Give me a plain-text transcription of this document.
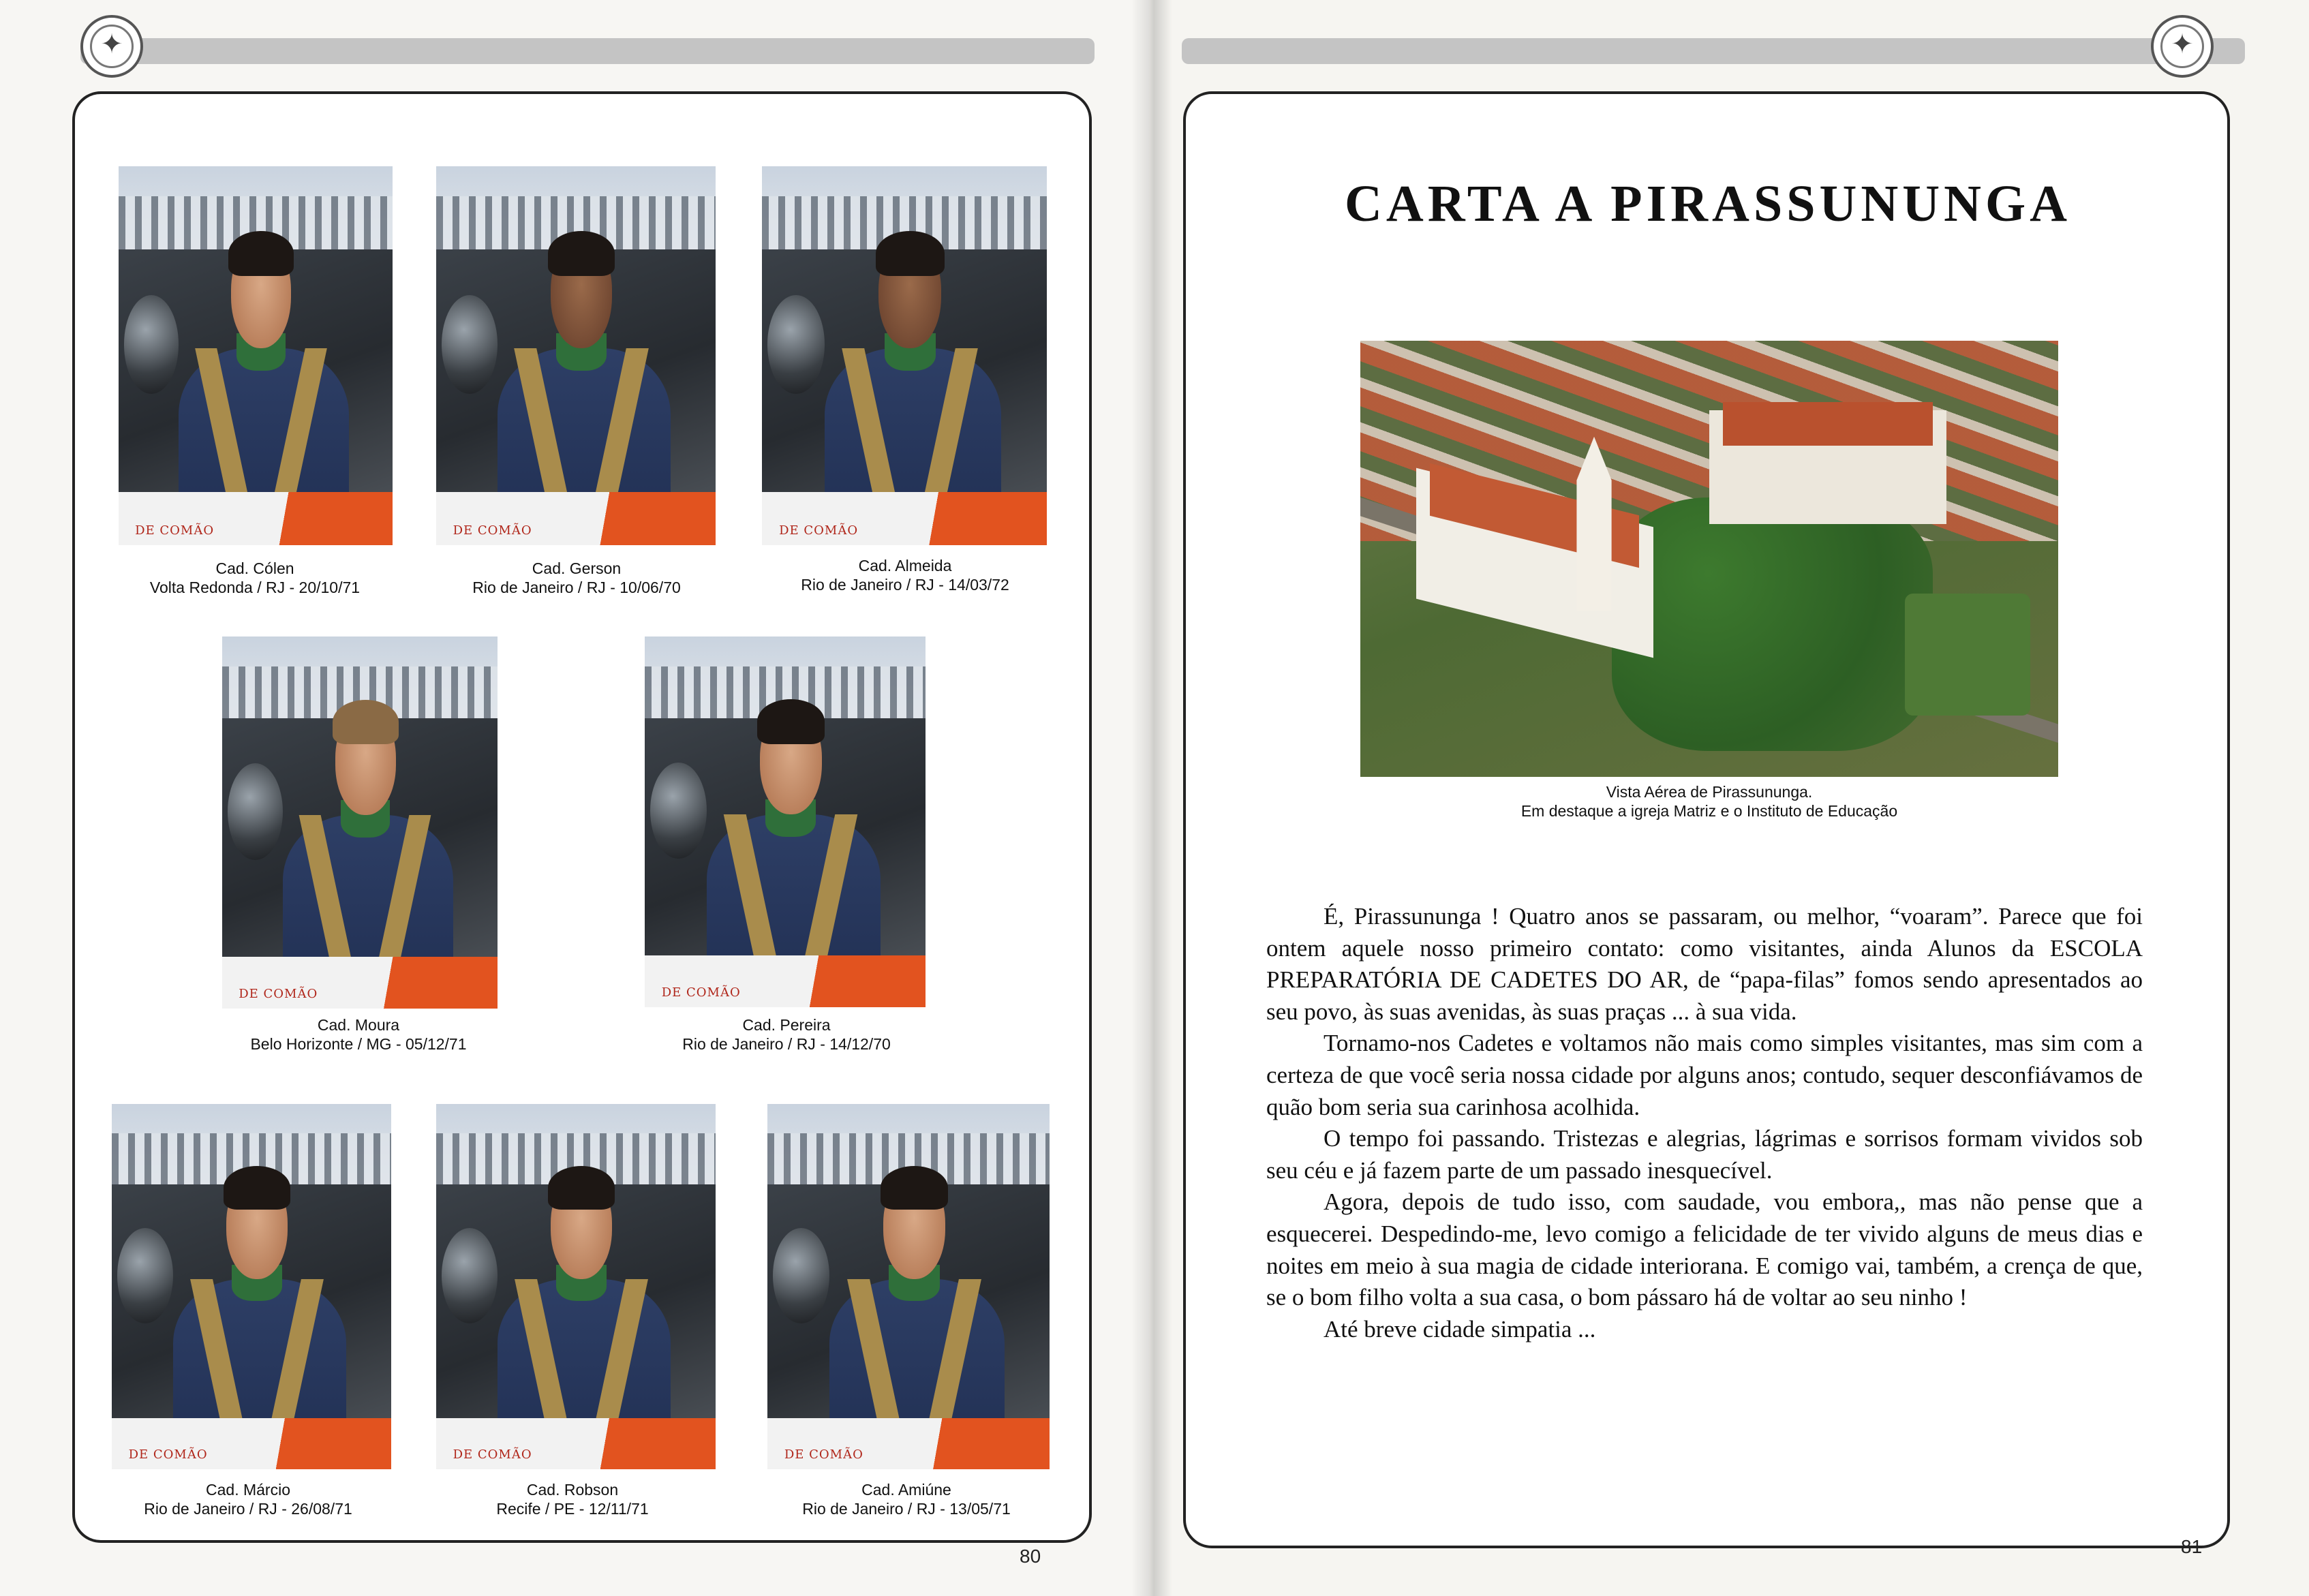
✦
DE COMÃO
Cad. Cólen
Volta Redonda / RJ - 20/10/71
DE COMÃO
Cad. Gerson
Rio de Janeiro / RJ - 10/06/70
DE COMÃO
Cad. Almeida
Rio de Janeiro / RJ - 14/03/72
DE COMÃO
Cad. Moura
Belo Horizonte / MG - 05/12/71
DE COMÃO
Cad. Pereira
Rio de Janeiro / RJ - 14/12/70
DE COMÃO
Cad. Márcio
Rio de Janeiro / RJ - 26/08/71
DE COMÃO
Cad. Robson
Recife / PE - 12/11/71
DE COMÃO
Cad. Amiúne
Rio de Janeiro / RJ - 13/05/71
80
✦
CARTA A PIRASSUNUNGA
Vista Aérea de Pirassununga.
Em destaque a igreja Matriz e o Instituto de Educação

É, Pirassununga ! Quatro anos se passaram, ou melhor, “voaram”. Parece que foi ontem aquele nosso primeiro contato: como visitantes, ainda Alunos da ESCOLA PREPARATÓRIA DE CADETES DO AR, de “papa-filas” fomos sendo apresentados ao seu povo, às suas avenidas, às suas praças ... à sua vida.

Tornamo-nos Cadetes e voltamos não mais como simples visitantes, mas sim com a certeza de que você seria nossa cidade por alguns anos; contudo, sequer desconfiávamos de quão bom seria sua carinhosa acolhida.

O tempo foi passando. Tristezas e alegrias, lágrimas e sorrisos formam vividos sob seu céu e já fazem parte de um passado inesquecível.

Agora, depois de tudo isso, com saudade, vou embora,, mas não pense que a esquecerei. Despedindo-me, levo comigo a felicidade de ter vivido alguns de meus dias e noites em meio à sua magia de cidade interiorana. E comigo vai, também, a crença de que, se o bom filho volta a sua casa, o bom pássaro há de voltar ao seu ninho !

Até breve cidade simpatia ...

81
